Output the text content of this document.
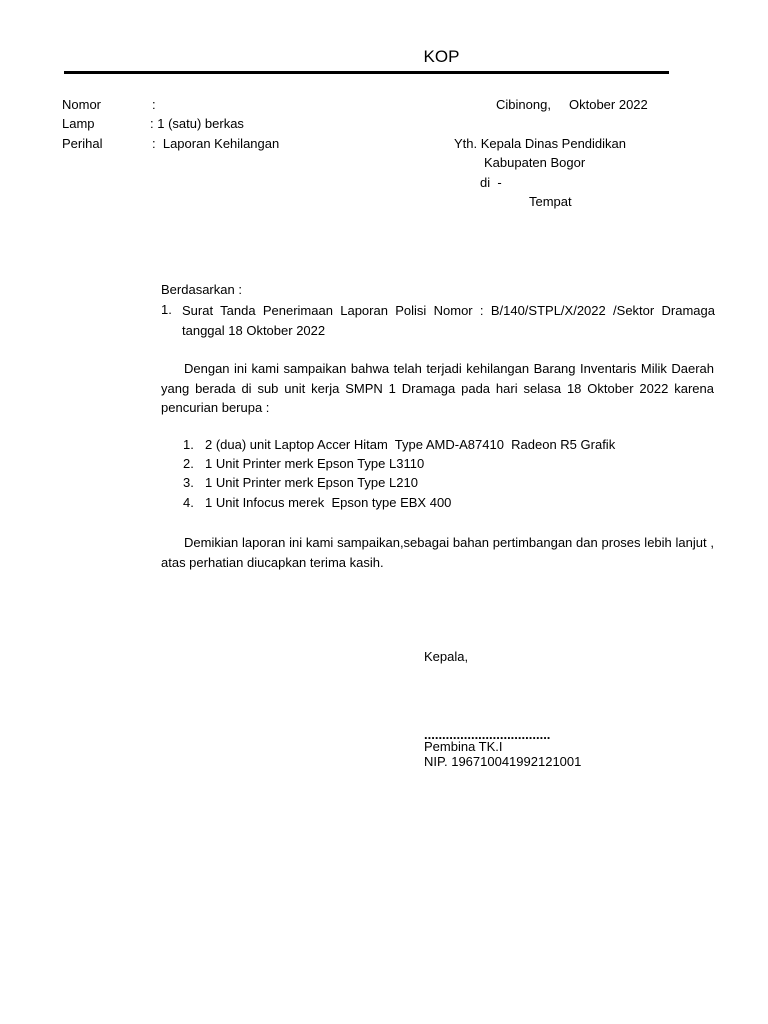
KOP
Nomor	:
Lamp	: 1 (satu) berkas
Perihal	:  Laporan Kehilangan
Cibinong,     Oktober 2022
Yth. Kepala Dinas Pendidikan
Kabupaten Bogor
di  -
Tempat
Berdasarkan :
1. Surat Tanda Penerimaan Laporan Polisi Nomor : B/140/STPL/X/2022 /Sektor Dramaga tanggal 18 Oktober 2022
Dengan ini kami sampaikan bahwa telah terjadi kehilangan Barang Inventaris Milik Daerah yang berada di sub unit kerja SMPN 1 Dramaga pada hari selasa 18 Oktober 2022 karena pencurian berupa :
1. 2 (dua) unit Laptop Accer Hitam  Type AMD-A87410  Radeon R5 Grafik
2. 1 Unit Printer merk Epson Type L3110
3. 1 Unit Printer merk Epson Type L210
4. 1 Unit Infocus merek  Epson type EBX 400
Demikian laporan ini kami sampaikan,sebagai bahan pertimbangan dan proses lebih lanjut , atas perhatian diucapkan terima kasih.
Kepala,
...................................
Pembina TK.I
NIP. 196710041992121001
